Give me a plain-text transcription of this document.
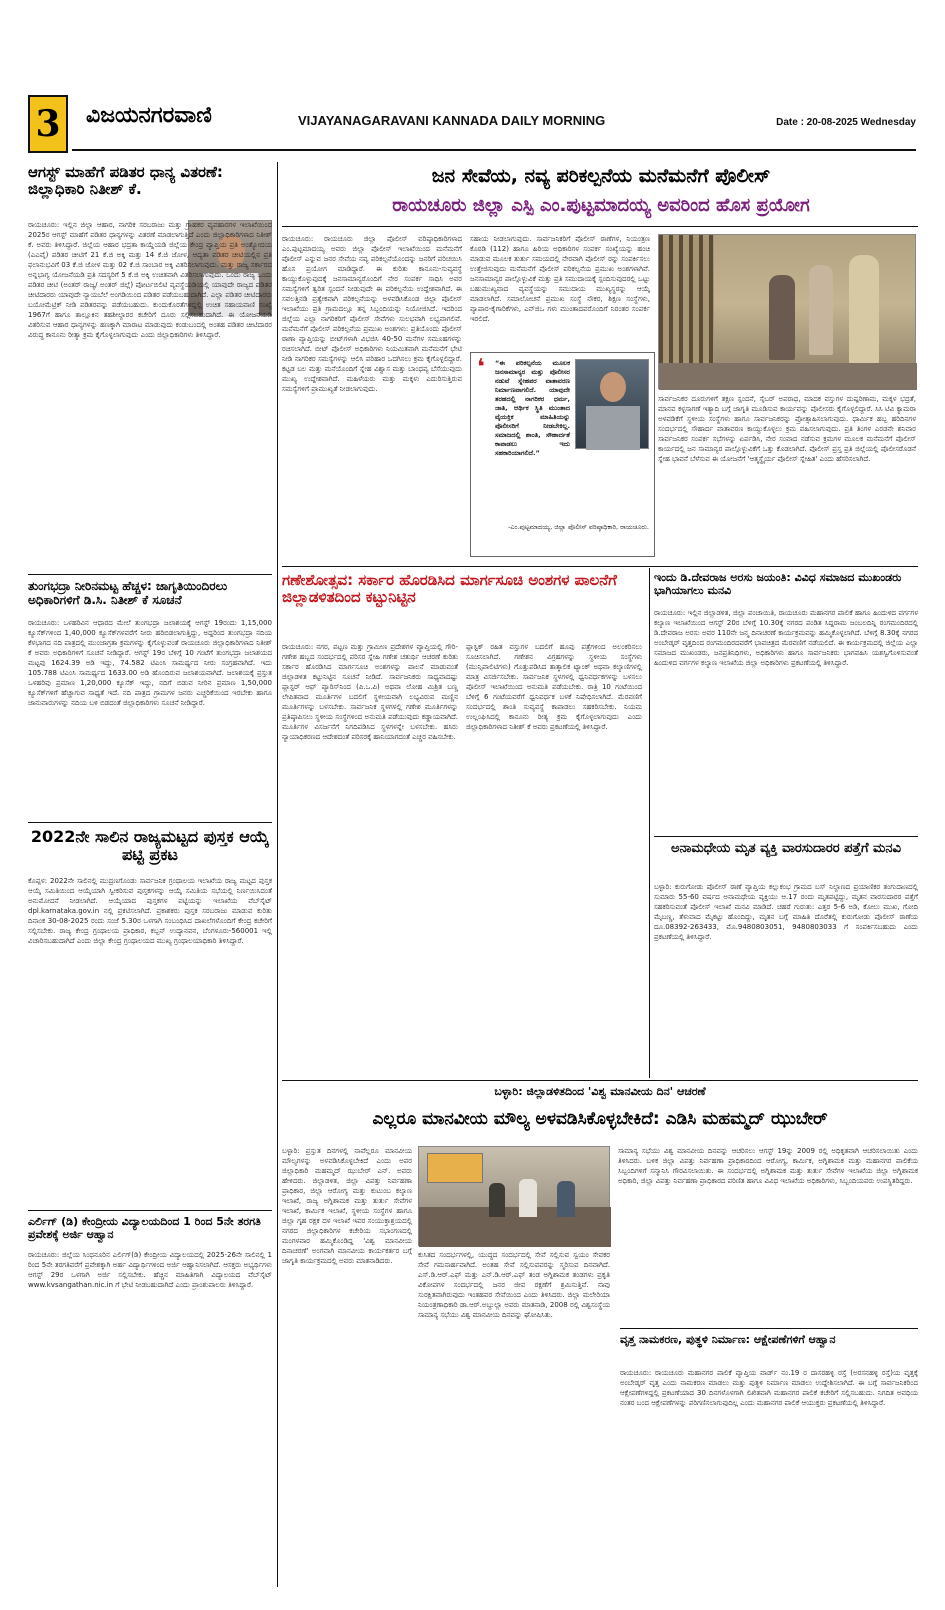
3 ವಿಜಯನಗರವಾಣಿ	VIJAYANAGARAVANI KANNADA DAILY MORNING	Date : 20-08-2025 Wednesday
ಜನ ಸೇವೆಯ, ನವ್ಯ ಪರಿಕಲ್ಪನೆಯ ಮನೆಮನೆಗೆ ಪೊಲೀಸ್
ರಾಯಚೂರು ಜಿಲ್ಲಾ ಎಸ್ಪಿ ಎಂ.ಪುಟ್ಟಮಾದಯ್ಯ ಅವರಿಂದ ಹೊಸ ಪ್ರಯೋಗ
ರಾಯಚೂರು: ರಾಯಚೂರು ಜಿಲ್ಲಾ ಪೊಲೀಸ್ ವರಿಷ್ಠಾಧಿಕಾರಿಗಳಾದ ಎಂ.ಪುಟ್ಟಮಾದಯ್ಯ ಅವರು ಜಿಲ್ಲಾ ಪೊಲೀಸ್ ಇಲಾಖೆಯಿಂದ ಮನೆಮನೆಗೆ ಪೊಲೀಸ್ ಎನ್ನುವ ಜನರ ಸೇವೆಯ ನವ್ಯ ಪರಿಕಲ್ಪನೆಯೊಂದನ್ನು ಜನರಿಗೆ ಪರಿಚಯಿಸಿ ಹೊಸ ಪ್ರಯೋಗ ಮಾಡಿದ್ದಾರೆ. ಈ ಕುರಿತು ಕಾನೂನು-ಸುವ್ಯವಸ್ಥೆ ಕಾಯ್ದುಕೊಳ್ಳುವುದಕ್ಕೆ ಜನಸಾಮಾನ್ಯರೊಂದಿಗೆ ನೇರ ಸಂಪರ್ಕ ಸಾಧಿಸಿ ಅವರ ಸಮಸ್ಯೆಗಳಿಗೆ ತ್ವರಿತ ಸ್ಪಂದನೆ ನೀಡುವುದೇ ಈ ಪರಿಕಲ್ಪನೆಯ ಉದ್ದೇಶವಾಗಿದೆ. ಈ ಸವಲತ್ತಿನಡಿ ಪ್ರತ್ಯೇಕವಾಗಿ ಪರಿಕಲ್ಪನೆಯನ್ನು ಅಳವಡಿಸಿಕೊಂಡ ಜಿಲ್ಲಾ ಪೊಲೀಸ್ ಇಲಾಖೆಯು ಪ್ರತಿ ಗ್ರಾಮದಲ್ಲೂ ತನ್ನ ಸಿಬ್ಬಂದಿಯನ್ನು ನಿಯೋಜಿಸಿದೆ. ಇದರಿಂದ ಜಿಲ್ಲೆಯ ಎಲ್ಲಾ ನಾಗರಿಕರಿಗೆ ಪೊಲೀಸ್ ಸೇವೆಗಳು ಸುಲಭವಾಗಿ ಲಭ್ಯವಾಗಲಿವೆ. ಮನೆಮನೆಗೆ ಪೊಲೀಸ್ ಪರಿಕಲ್ಪನೆಯ ಪ್ರಮುಖ ಅಂಶಗಳು: ಪ್ರತಿಯೊಂದು ಪೊಲೀಸ್ ಠಾಣಾ ವ್ಯಾಪ್ತಿಯನ್ನು ಬೀಟ್‌ಗಳಾಗಿ ವಿಭಜಿಸಿ 40-50 ಮನೆಗಳ ಸಮೂಹಗಳನ್ನು ರಚಿಸಲಾಗಿದೆ. ಬೀಟ್ ಪೊಲೀಸ್ ಅಧಿಕಾರಿಗಳು ನಿಯಮಿತವಾಗಿ ಮನೆಮನೆಗೆ ಭೇಟಿ ನೀಡಿ ನಾಗರಿಕರ ಸಮಸ್ಯೆಗಳನ್ನು ಆಲಿಸಿ ಪರಿಹಾರ ಒದಗಿಸಲು ಕ್ರಮ ಕೈಗೊಳ್ಳಲಿದ್ದಾರೆ. ಕಟ್ಟಡ ಬಲ ಮತ್ತು ಮನೆಯೊಂದಿಗೆ ಸ್ನೇಹ ವಿಶ್ವಾಸ ಮತ್ತು ಬಾಂಧವ್ಯ ಬೆಸೆಯುವುದು ಮುಖ್ಯ ಉದ್ದೇಶವಾಗಿದೆ. ಮಹಿಳೆಯರು ಮತ್ತು ಮಕ್ಕಳು ಎದುರಿಸುತ್ತಿರುವ ಸಮಸ್ಯೆಗಳಿಗೆ ಪ್ರಾಮುಖ್ಯತೆ ನೀಡಲಾಗುವುದು.
ಸಹಾಯ ನೀಡಲಾಗುವುದು. ಸಾರ್ವಜನಿಕರಿಗೆ ಪೊಲೀಸ್ ಠಾಣೆಗಳ, ನಿಯಂತ್ರಣ ಕೊಠಡಿ (112) ಹಾಗೂ ಹಿರಿಯ ಅಧಿಕಾರಿಗಳ ಸಂಪರ್ಕ ಸಂಖ್ಯೆಯನ್ನು ಹಂಚಿ ಮಾಡುವ ಮೂಲಕ ತುರ್ತು ಸಮಯದಲ್ಲಿ ನೇರವಾಗಿ ಪೊಲೀಸ್ ರನ್ನು ಸಂಪರ್ಕಿಸಲು ಉತ್ತೇಜಿಸುವುದು ಮನೆಮನೆಗೆ ಪೊಲೀಸ್ ಪರಿಕಲ್ಪನೆಯ ಪ್ರಮುಖ ಅಂಶಗಳಾಗಿವೆ. ಜನಸಾಮಾನ್ಯರ ಪಾಲ್ಗೊಳ್ಳುವಿಕೆ ಮತ್ತು ಪ್ರತಿ ಸಮುದಾಯಕ್ಕೆ ಸ್ಪಂದಿಸುವುದರಲ್ಲಿ ಒಟ್ಟು ಬಹುಮುಖ್ಯವಾದ ವ್ಯವಸ್ಥೆಯನ್ನು ಸಮುದಾಯ ಮುಖ್ಯಸ್ಥರನ್ನು ಆಯ್ಕೆ ಮಾಡಲಾಗಿದೆ. ಸಮಾಲೋಚನೆ ಪ್ರಮುಖ ಸಂಸ್ಥೆ ನೌಕರ, ಶಿಕ್ಷಣ ಸಂಸ್ಥೆಗಳು, ವ್ಯಾಪಾರ-ಕೈಗಾರಿಕೆಗಳು, ಎನ್‌ಜಿಒ ಗಳು ಮುಂತಾದವರೊಂದಿಗೆ ನಿರಂತರ ಸಂಪರ್ಕ ಇರಲಿದೆ.
❛ “ಈ ಪರಿಕಲ್ಪನೆಯ ಮೂಲಕ ಜನಸಾಮಾನ್ಯರ ಮತ್ತು ಪೊಲೀಸರ ನಡುವೆ ಸ್ನೇಹಪರ ವಾತಾವರಣ ನಿರ್ಮಾಣವಾಗಲಿದೆ. ಯಾವುದೇ ತರಹದಲ್ಲಿ ನಾಗರಿಕರ ಧರ್ಮ, ಜಾತಿ, ಆರ್ಥಿಕ ಸ್ಥಿತಿ ಮುಂತಾದ ವೈಯಕ್ತಿಕ ಮಾಹಿತಿಯನ್ನು ಪೊಲೀಸರಿಗೆ ನೀಡಬೇಕಿಲ್ಲ. ಸಮಾಜದಲ್ಲಿ ಶಾಂತಿ, ಸೌಹಾರ್ದತೆ ಕಾಪಾಡಲು ಇದು ಸಹಕಾರಿಯಾಗಲಿದೆ.”
-ಎಂ.ಪುಟ್ಟಮಾದಯ್ಯ, ಜಿಲ್ಲಾ ಪೊಲೀಸ್ ವರಿಷ್ಠಾಧಿಕಾರಿ, ರಾಯಚೂರು.
ಸಾರ್ವಜನಿಕರ ದೂರುಗಳಿಗೆ ತಕ್ಷಣ ಸ್ಪಂದನೆ, ಸೈಬರ್ ಅಪರಾಧ, ಮಾದಕ ವಸ್ತುಗಳ ದುಷ್ಪರಿಣಾಮ, ಮಕ್ಕಳ ಭದ್ರತೆ, ಮಾನವ ಕಳ್ಳಸಾಗಣೆ ಇತ್ಯಾದಿ ಬಗ್ಗೆ ಜಾಗೃತಿ ಮೂಡಿಸುವ ಕಾರ್ಯವನ್ನು ಪೊಲೀಸರು ಕೈಗೊಳ್ಳಲಿದ್ದಾರೆ. ಸಿಸಿ ಟಿವಿ ಕ್ಯಾಮರಾ ಅಳವಡಿಕೆಗೆ ಸ್ಥಳೀಯ ಸಂಸ್ಥೆಗಳು ಹಾಗೂ ಸಾರ್ವಜನಿಕರನ್ನು ಪ್ರೋತ್ಸಾಹಿಸಲಾಗುವುದು. ಧಾರ್ಮಿಕ ಹಬ್ಬ ಹರಿದಿನಗಳ ಸಂದರ್ಭದಲ್ಲಿ ಸೌಹಾರ್ದ ವಾತಾವರಣ ಕಾಯ್ದುಕೊಳ್ಳಲು ಕ್ರಮ ವಹಿಸಲಾಗುವುದು. ಪ್ರತಿ ತಿಂಗಳ ಎರಡನೇ ಶನಿವಾರ ಸಾರ್ವಜನಿಕರ ಸಂಪರ್ಕ ಸಭೆಗಳನ್ನು ಏರ್ಪಡಿಸಿ, ನೇರ ಸಂವಾದ ನಡೆಸುವ ಕ್ರಮಗಳ ಮೂಲಕ ಮನೆಮನೆಗೆ ಪೊಲೀಸ್ ಕಾರ್ಯದಲ್ಲಿ ಜನ ಸಾಮಾನ್ಯರ ಪಾಲ್ಗೊಳ್ಳುವಿಕೆಗೆ ಒತ್ತು ಕೊಡಲಾಗಿದೆ. ಪೊಲೀಸ್ ಪ್ರಸ್ತ ಪ್ರತಿ ಜಿಲ್ಲೆಯಲ್ಲಿ ಪೊಲೀಸರೊಡನೆ ಸ್ನೇಹ ಭಾವನೆ ಬೆಳೆಸುವ ಈ ಯೋಜನೆಗೆ 'ಆತ್ಮಸ್ಥೈರ್ಯ ಪೊಲೀಸ್ ಸ್ನೇಹಿತ' ಎಂದು ಹೆಸರಿಸಲಾಗಿದೆ.
ಆಗಸ್ಟ್ ಮಾಹೆಗೆ ಪಡಿತರ ಧಾನ್ಯ ವಿತರಣೆ: ಜಿಲ್ಲಾಧಿಕಾರಿ ನಿತೀಶ್ ಕೆ.
ರಾಯಚೂರು: ಇಲ್ಲಿನ ಜಿಲ್ಲಾ ಆಹಾರ, ನಾಗರಿಕ ಸರಬರಾಜು ಮತ್ತು ಗ್ರಾಹಕರ ವ್ಯವಹಾರಗಳ ಇಲಾಖೆಯಿಂದ 2025ರ ಆಗಸ್ಟ್ ಮಾಹೆಗೆ ಪಡಿತರ ಧಾನ್ಯಗಳನ್ನು ವಿತರಣೆ ಮಾಡಲಾಗುತ್ತಿದೆ ಎಂದು ಜಿಲ್ಲಾಧಿಕಾರಿಗಳಾದ ನಿತೀಶ್ ಕೆ. ಅವರು ತಿಳಿಸಿದ್ದಾರೆ. ಜಿಲ್ಲೆಯ ಆಹಾರ ಭದ್ರತಾ ಕಾಯ್ದೆಯಡಿ ಜಿಲ್ಲೆಯ ಕೇಂದ್ರ ವ್ಯಾಪ್ತಿಯ ಪ್ರತಿ ಅಂತ್ಯೋದಯ (ಎಎವೈ) ಪಡಿತರ ಚೀಟಿಗೆ 21 ಕೆ.ಜಿ ಅಕ್ಕಿ ಮತ್ತು 14 ಕೆ.ಜಿ ಜೋಳ, ಆದ್ಯತಾ ಪಡಿತರ ಚೀಟಿಯಲ್ಲಿನ ಪ್ರತಿ ಫಲಾನುಭವಿಗೆ 03 ಕೆ.ಜಿ ಜೋಳ ಮತ್ತು 02 ಕೆ.ಜಿ ಸಾಂಬಾರ ಅಕ್ಕಿ ವಿತರಿಸಲಾಗುವುದು. ಮತ್ತು ರಾಜ್ಯ ಸರ್ಕಾರದ ಅನ್ನಭಾಗ್ಯ ಯೋಜನೆಯಡಿ ಪ್ರತಿ ಸದಸ್ಯರಿಗೆ 5 ಕೆ.ಜಿ ಅಕ್ಕಿ ಉಚಿತವಾಗಿ ವಿತರಿಸಲಾಗುವುದು. ಒಂದು ರಾಜ್ಯ ಒಂದು ಪಡಿತರ ಚೀಟಿ (ಅಂತರ್ ರಾಜ್ಯ/ ಅಂತರ್ ಜಿಲ್ಲೆ) ಪೋರ್ಟಬಿಲಿಟಿ ವ್ಯವಸ್ಥೆಯಡಿಯಲ್ಲಿ ಯಾವುದೇ ರಾಜ್ಯದ ಪಡಿತರ ಚೀಟಿದಾರರು ಯಾವುದೇ ನ್ಯಾಯಬೆಲೆ ಅಂಗಡಿಯಿಂದ ಪಡಿತರ ಪಡೆಯಬಹುದಾಗಿದೆ. ಎಲ್ಲಾ ಪಡಿತರ ಚೀಟಿದಾರರು ಬಯೋಮೆಟ್ರಿಕ್ ನೀಡಿ ಪಡಿತರವನ್ನು ಪಡೆಯಬಹುದು. ಕುಂದುಕೊರತೆಗಳಿದ್ದಲ್ಲಿ ಉಚಿತ ಸಹಾಯವಾಣಿ ಸಂಖ್ಯೆ 1967ಗೆ ಹಾಗೂ ತಾಲ್ಲೂಕಿನ ತಹಶೀಲ್ದಾರರ ಕಚೇರಿಗೆ ದೂರು ಸಲ್ಲಿಸಬಹುದಾಗಿದೆ. ಈ ಯೋಜನೆಯಡಿ ವಿತರಿಸುವ ಆಹಾರ ಧಾನ್ಯಗಳನ್ನು ಹಣಕ್ಕಾಗಿ ಮಾರಾಟ ಮಾಡುವುದು ಕಂಡುಬಂದಲ್ಲಿ ಅಂತಹ ಪಡಿತರ ಚೀಟಿದಾರರ ವಿರುದ್ಧ ಕಾನೂನು ರೀತ್ಯಾ ಕ್ರಮ ಕೈಗೊಳ್ಳಲಾಗುವುದು ಎಂದು ಜಿಲ್ಲಾಧಿಕಾರಿಗಳು ತಿಳಿಸಿದ್ದಾರೆ.
ತುಂಗಭದ್ರಾ ನೀರಿನಮಟ್ಟ ಹೆಚ್ಚಳ: ಜಾಗೃತಿಯಿಂದಿರಲು ಅಧಿಕಾರಿಗಳಿಗೆ ಡಿ.ಸಿ. ನಿತೀಶ್ ಕೆ ಸೂಚನೆ
ರಾಯಚೂರು: ಒಳಹರಿವಿನ ಆಧಾರದ ಮೇಲೆ ತುಂಗಭದ್ರಾ ಜಲಾಶಯಕ್ಕೆ ಆಗಸ್ಟ್ 19ರಂದು 1,15,000 ಕ್ಯೂಸೆಕ್‌ಗಳಿಂದ 1,40,000 ಕ್ಯೂಸೆಕ್‌ಗಳವರೆಗೆ ನೀರು ಹರಿಬಿಡಲಾಗುತ್ತಿದ್ದು, ಅದ್ದರಿಂದ ತುಂಗಭದ್ರಾ ನದಿಯ ಕೆಳಭಾಗದ ನದಿ ಪಾತ್ರದಲ್ಲಿ ಮುಂಜಾಗ್ರತಾ ಕ್ರಮಗಳನ್ನು ಕೈಗೊಳ್ಳುವಂತೆ ರಾಯಚೂರು ಜಿಲ್ಲಾಧಿಕಾರಿಗಳಾದ ನಿತೀಶ್ ಕೆ ಅವರು ಅಧಿಕಾರಿಗಳಿಗೆ ಸೂಚನೆ ನೀಡಿದ್ದಾರೆ. ಆಗಸ್ಟ್ 19ರ ಬೆಳಿಗ್ಗೆ 10 ಗಂಟೆಗೆ ತುಂಗಭದ್ರಾ ಜಲಾಶಯದ ಮಟ್ಟವು 1624.39 ಅಡಿ ಇದ್ದು, 74.582 ಟಿಎಂಸಿ ಸಾಮರ್ಥ್ಯದ ನೀರು ಸಂಗ್ರಹವಾಗಿದೆ. ಇದು 105.788 ಟಿಎಂಸಿ ಸಾಮರ್ಥ್ಯದ 1633.00 ಅಡಿ ಹೊಂದಿರುವ ಜಲಾಶಯವಾಗಿದೆ. ಜಲಾಶಯಕ್ಕೆ ಪ್ರಸ್ತುತ ಒಳಹರಿವು ಪ್ರಮಾಣ 1,20,000 ಕ್ಯೂಸೆಕ್ ಇದ್ದು, ನದಿಗೆ ಬಿಡುವ ನೀರಿನ ಪ್ರಮಾಣ 1,50,000 ಕ್ಯೂಸೆಕ್‌ಗಳಿಗೆ ಹೆಚ್ಚಾಗುವ ಸಾಧ್ಯತೆ ಇದೆ. ನದಿ ಪಾತ್ರದ ಗ್ರಾಮಗಳ ಜನರು ಎಚ್ಚರಿಕೆಯಿಂದ ಇರಬೇಕು ಹಾಗೂ ಜಾನುವಾರುಗಳನ್ನು ನದಿಯ ಬಳಿ ಬಿಡದಂತೆ ಜಿಲ್ಲಾಧಿಕಾರಿಗಳು ಸೂಚನೆ ನೀಡಿದ್ದಾರೆ.
2022ನೇ ಸಾಲಿನ ರಾಜ್ಯಮಟ್ಟದ ಪುಸ್ತಕ ಆಯ್ಕೆ ಪಟ್ಟಿ ಪ್ರಕಟ
ಕೊಪ್ಪಳ: 2022ನೇ ಸಾಲಿನಲ್ಲಿ ಮುದ್ರಣಗೊಂಡು ಸಾರ್ವಜನಿಕ ಗ್ರಂಥಾಲಯ ಇಲಾಖೆಯ ರಾಜ್ಯ ಮಟ್ಟದ ಪುಸ್ತಕ ಆಯ್ಕೆ ಸಮಿತಿಯಿಂದ ಆಯ್ಕೆಯಾಗಿ ಸ್ವೀಕರಿಸುವ ಪುಸ್ತಕಗಳನ್ನು ಆಯ್ಕೆ ಸಮಿತಿಯ ಸಭೆಯಲ್ಲಿ ನಿರ್ಣಯಿಸಿದಂತೆ ಅನುಮೋದನೆ ನೀಡಲಾಗಿದೆ. ಆಯ್ಕೆಯಾದ ಪುಸ್ತಕಗಳ ಪಟ್ಟಿಯನ್ನು ಇಲಾಖೆಯ ವೆಬ್‌ಸೈಟ್ dpl.karnataka.gov.in ನಲ್ಲಿ ಪ್ರಕಟಿಸಲಾಗಿದೆ. ಪ್ರಕಾಶಕರು ಪುಸ್ತಕ ಸರಬರಾಜು ಮಾಡುವ ಕುರಿತು ದಿನಾಂಕ 30-08-2025 ರಂದು ಸಂಜೆ 5.30ರ ಒಳಗಾಗಿ ಸಂಬಂಧಿಸಿದ ದಾಖಲೆಗಳೊಂದಿಗೆ ಕೇಂದ್ರ ಕಚೇರಿಗೆ ಸಲ್ಲಿಸಬೇಕು. ರಾಜ್ಯ ಕೇಂದ್ರ ಗ್ರಂಥಾಲಯ ಪ್ರಾಧಿಕಾರ, ಕಬ್ಬನ್ ಉದ್ಯಾನವನ, ಬೆಂಗಳೂರು-560001 ಇಲ್ಲಿ ವಿಚಾರಿಸಬಹುದಾಗಿದೆ ಎಂದು ಜಿಲ್ಲಾ ಕೇಂದ್ರ ಗ್ರಂಥಾಲಯದ ಮುಖ್ಯ ಗ್ರಂಥಾಲಯಾಧಿಕಾರಿ ತಿಳಿಸಿದ್ದಾರೆ.
ಎರ್ಲಿಗ್ (ಡಿ) ಕೇಂದ್ರೀಯ ವಿದ್ಯಾಲಯದಿಂದ 1 ರಿಂದ 5ನೇ ತರಗತಿ ಪ್ರವೇಶಕ್ಕೆ ಅರ್ಜಿ ಆಹ್ವಾನ
ರಾಯಚೂರು: ಜಿಲ್ಲೆಯ ಸಿಂಧನೂರಿನ ಎರ್ಲಿಗ್(ಡಿ) ಕೇಂದ್ರೀಯ ವಿದ್ಯಾಲಯದಲ್ಲಿ 2025-26ನೇ ಸಾಲಿನಲ್ಲಿ 1 ರಿಂದ 5ನೇ ತರಗತಿವರೆಗೆ ಪ್ರವೇಶಕ್ಕಾಗಿ ಅರ್ಹ ವಿದ್ಯಾರ್ಥಿಗಳಿಂದ ಅರ್ಜಿ ಆಹ್ವಾನಿಸಲಾಗಿದೆ. ಆಸಕ್ತರು ಅಭ್ಯರ್ಥಿಗಳು ಆಗಸ್ಟ್ 29ರ ಒಳಗಾಗಿ ಅರ್ಜಿ ಸಲ್ಲಿಸಬೇಕು. ಹೆಚ್ಚಿನ ಮಾಹಿತಿಗಾಗಿ ವಿದ್ಯಾಲಯದ ವೆಬ್‌ಸೈಟ್ www.kvsangathan.nic.in ಗೆ ಭೇಟಿ ನೀಡಬಹುದಾಗಿದೆ ಎಂದು ಪ್ರಾಂಶುಪಾಲರು ತಿಳಿಸಿದ್ದಾರೆ.
ಗಣೇಶೋತ್ಸವ: ಸರ್ಕಾರ ಹೊರಡಿಸಿದ ಮಾರ್ಗಸೂಚಿ ಅಂಶಗಳ ಪಾಲನೆಗೆ ಜಿಲ್ಲಾಡಳಿತದಿಂದ ಕಟ್ಟುನಿಟ್ಟಿನ
ರಾಯಚೂರು: ನಗರ, ಪಟ್ಟಣ ಮತ್ತು ಗ್ರಾಮೀಣ ಪ್ರದೇಶಗಳ ವ್ಯಾಪ್ತಿಯಲ್ಲಿ ಗೌರಿ-ಗಣೇಶ ಹಬ್ಬದ ಸಂದರ್ಭದಲ್ಲಿ ಪರಿಸರ ಸ್ನೇಹಿ ಗಣೇಶ ಚತುರ್ಥಿ ಆಚರಣೆ ಕುರಿತು ಸರ್ಕಾರ ಹೊರಡಿಸಿದ ಮಾರ್ಗಸೂಚಿ ಅಂಶಗಳನ್ನು ಪಾಲನೆ ಮಾಡುವಂತೆ ಜಿಲ್ಲಾಡಳಿತ ಕಟ್ಟುನಿಟ್ಟಿನ ಸೂಚನೆ ನೀಡಿದೆ. ಸಾರ್ವಜನಿಕರು ಸಾಧ್ಯವಾದಷ್ಟು ಪ್ಲಾಸ್ಟರ್ ಆಫ್ ಪ್ಯಾರಿಸ್‌ನಿಂದ (ಪಿ.ಒ.ಪಿ) ಅಥವಾ ಲೋಹ ಮಿಶ್ರಿತ ಬಣ್ಣ ಲೇಪಿತವಾದ ಮೂರ್ತಿಗಳ ಬದಲಿಗೆ ಸ್ಥಳೀಯವಾಗಿ ಲಭ್ಯವಿರುವ ಮಣ್ಣಿನ ಮೂರ್ತಿಗಳನ್ನು ಬಳಸಬೇಕು. ಸಾರ್ವಜನಿಕ ಸ್ಥಳಗಳಲ್ಲಿ ಗಣೇಶ ಮೂರ್ತಿಗಳನ್ನು ಪ್ರತಿಷ್ಠಾಪಿಸಲು ಸ್ಥಳೀಯ ಸಂಸ್ಥೆಗಳಿಂದ ಅನುಮತಿ ಪಡೆಯುವುದು ಕಡ್ಡಾಯವಾಗಿದೆ. ಮೂರ್ತಿಗಳ ವಿಸರ್ಜನೆಗೆ ನಿಗದಿಪಡಿಸಿದ ಸ್ಥಳಗಳನ್ನೇ ಬಳಸಬೇಕು. ಹಸಿರು ನ್ಯಾಯಾಧಿಕರಣದ ಆದೇಶದಂತೆ ಪರಿಸರಕ್ಕೆ ಹಾನಿಯಾಗದಂತೆ ಎಚ್ಚರ ವಹಿಸಬೇಕು.
ಪ್ಲಾಸ್ಟಿಕ್ ರಹಿತ ವಸ್ತುಗಳ ಬದಲಿಗೆ ಹೂವು ಪತ್ರೆಗಳಿಂದ ಅಲಂಕರಿಸಲು ಸೂಚಿಸಲಾಗಿದೆ. ಗಣೇಶನ ವಿಗ್ರಹಗಳನ್ನು ಸ್ಥಳೀಯ ಸಂಸ್ಥೆಗಳು (ಮುನ್ಸಿಪಾಲಿಟಿಗಳು) ಗೊತ್ತುಪಡಿಸಿದ ತಾತ್ಕಾಲಿಕ ಟ್ಯಾಂಕ್ ಅಥವಾ ಕಲ್ಯಾಣಿಗಳಲ್ಲಿ ಮಾತ್ರ ವಿಸರ್ಜಿಸಬೇಕು. ಸಾರ್ವಜನಿಕ ಸ್ಥಳಗಳಲ್ಲಿ ಧ್ವನಿವರ್ಧಕಗಳನ್ನು ಬಳಸಲು ಪೊಲೀಸ್ ಇಲಾಖೆಯಿಂದ ಅನುಮತಿ ಪಡೆಯಬೇಕು. ರಾತ್ರಿ 10 ಗಂಟೆಯಿಂದ ಬೆಳಿಗ್ಗೆ 6 ಗಂಟೆಯವರೆಗೆ ಧ್ವನಿವರ್ಧಕ ಬಳಕೆ ನಿಷೇಧಿಸಲಾಗಿದೆ. ಮೆರವಣಿಗೆ ಸಂದರ್ಭದಲ್ಲಿ ಶಾಂತಿ ಸುವ್ಯವಸ್ಥೆ ಕಾಪಾಡಲು ಸಹಕರಿಸಬೇಕು. ನಿಯಮ ಉಲ್ಲಂಘಿಸಿದಲ್ಲಿ ಕಾನೂನು ರೀತ್ಯ ಕ್ರಮ ಕೈಗೊಳ್ಳಲಾಗುವುದು ಎಂದು ಜಿಲ್ಲಾಧಿಕಾರಿಗಳಾದ ನಿತೀಶ್ ಕೆ ಅವರು ಪ್ರಕಟಣೆಯಲ್ಲಿ ತಿಳಿಸಿದ್ದಾರೆ.
ಇಂದು ಡಿ.ದೇವರಾಜ ಅರಸು ಜಯಂತಿ: ವಿವಿಧ ಸಮಾಜದ ಮುಖಂಡರು ಭಾಗಿಯಾಗಲು ಮನವಿ
ರಾಯಚೂರು: ಇಲ್ಲಿನ ಜಿಲ್ಲಾಡಳಿತ, ಜಿಲ್ಲಾ ಪಂಚಾಯಿತಿ, ರಾಯಚೂರು ಮಹಾನಗರ ಪಾಲಿಕೆ ಹಾಗೂ ಹಿಂದುಳಿದ ವರ್ಗಗಳ ಕಲ್ಯಾಣ ಇಲಾಖೆಯಿಂದ ಆಗಸ್ಟ್ 20ರ ಬೆಳಿಗ್ಗೆ 10.30ಕ್ಕೆ ನಗರದ ಪಂಡಿತ ಸಿದ್ದರಾಮ ಜಂಬಲದಿನ್ನಿ ರಂಗಮಂದಿರದಲ್ಲಿ ಡಿ.ದೇವರಾಜ ಅರಸು ಅವರ 110ನೇ ಜನ್ಮ ದಿನಾಚರಣೆ ಕಾರ್ಯಕ್ರಮವನ್ನು ಹಮ್ಮಿಕೊಳ್ಳಲಾಗಿದೆ. ಬೆಳಿಗ್ಗೆ 8.30ಕ್ಕೆ ನಗರದ ಅಂಬೇಡ್ಕರ್ ವೃತ್ತದಿಂದ ರಂಗಮಂದಿರದವರೆಗೆ ಭಾವಚಿತ್ರದ ಮೆರವಣಿಗೆ ನಡೆಯಲಿದೆ. ಈ ಕಾರ್ಯಕ್ರಮದಲ್ಲಿ ಜಿಲ್ಲೆಯ ಎಲ್ಲಾ ಸಮಾಜದ ಮುಖಂಡರು, ಜನಪ್ರತಿನಿಧಿಗಳು, ಅಧಿಕಾರಿಗಳು ಹಾಗೂ ಸಾರ್ವಜನಿಕರು ಭಾಗವಹಿಸಿ ಯಶಸ್ವಿಗೊಳಿಸುವಂತೆ ಹಿಂದುಳಿದ ವರ್ಗಗಳ ಕಲ್ಯಾಣ ಇಲಾಖೆಯ ಜಿಲ್ಲಾ ಅಧಿಕಾರಿಗಳು ಪ್ರಕಟಣೆಯಲ್ಲಿ ತಿಳಿಸಿದ್ದಾರೆ.
ಅನಾಮಧೇಯ ಮೃತ ವ್ಯಕ್ತಿ ವಾರಸುದಾರರ ಪತ್ತೆಗೆ ಮನವಿ
ಬಳ್ಳಾರಿ: ಕುರುಗೋಡು ಪೊಲೀಸ್ ಠಾಣೆ ವ್ಯಾಪ್ತಿಯ ಕಲ್ಲುಕಂಭ ಗ್ರಾಮದ ಬಸ್ ನಿಲ್ದಾಣದ ಪ್ರಯಾಣಿಕರ ತಂಗುದಾಣದಲ್ಲಿ ಸುಮಾರು 55-60 ವರ್ಷದ ಅನಾಮಧೇಯ ವ್ಯಕ್ತಿಯು ಆ.17 ರಂದು ಮೃತಪಟ್ಟಿದ್ದು, ಮೃತನ ವಾರಸುದಾರರ ಪತ್ತೆಗೆ ಸಹಕರಿಸುವಂತೆ ಪೊಲೀಸ್ ಇಲಾಖೆ ಮನವಿ ಮಾಡಿದೆ. ಚಹರೆ ಗುರುತು: ಎತ್ತರ 5-6 ಅಡಿ, ಕೋಲು ಮುಖ, ಗೋದಿ ಮೈಬಣ್ಣ, ತೆಳುವಾದ ಮೈಕಟ್ಟು ಹೊಂದಿದ್ದು, ಮೃತನ ಬಗ್ಗೆ ಮಾಹಿತಿ ದೊರೆತಲ್ಲಿ ಕುರುಗೋಡು ಪೊಲೀಸ್ ಠಾಣೆಯ ದೂ.08392-263433, ಮೊ.9480803051, 9480803033 ಗೆ ಸಂಪರ್ಕಿಸಬಹುದು ಎಂದು ಪ್ರಕಟಣೆಯಲ್ಲಿ ತಿಳಿಸಿದ್ದಾರೆ.
ಬಳ್ಳಾರಿ: ಜಿಲ್ಲಾಡಳಿತದಿಂದ 'ವಿಶ್ವ ಮಾನವೀಯ ದಿನ' ಆಚರಣೆ
ಎಲ್ಲರೂ ಮಾನವೀಯ ಮೌಲ್ಯ ಅಳವಡಿಸಿಕೊಳ್ಳಬೇಕಿದೆ: ಎಡಿಸಿ ಮಹಮ್ಮದ್ ಝುಬೇರ್
ಬಳ್ಳಾರಿ: ಪ್ರಸ್ತುತ ದಿನಗಳಲ್ಲಿ ನಾವೆಲ್ಲರೂ ಮಾನವೀಯ ಮೌಲ್ಯಗಳನ್ನು ಅಳವಡಿಸಿಕೊಳ್ಳಬೇಕಿದೆ ಎಂದು ಅಪರ ಜಿಲ್ಲಾಧಿಕಾರಿ ಮಹಮ್ಮದ್ ಝುಬೇರ್ ಎನ್. ಅವರು ಹೇಳಿದರು. ಜಿಲ್ಲಾಡಳಿತ, ಜಿಲ್ಲಾ ವಿಪತ್ತು ನಿರ್ವಹಣಾ ಪ್ರಾಧಿಕಾರ, ಜಿಲ್ಲಾ ಆರೋಗ್ಯ ಮತ್ತು ಕುಟುಂಬ ಕಲ್ಯಾಣ ಇಲಾಖೆ, ರಾಜ್ಯ ಅಗ್ನಿಶಾಮಕ ಮತ್ತು ತುರ್ತು ಸೇವೆಗಳ ಇಲಾಖೆ, ಕಾರ್ಮಿಕ ಇಲಾಖೆ, ಸ್ಥಳೀಯ ಸಂಸ್ಥೆಗಳ ಹಾಗೂ ಜಿಲ್ಲಾ ಗೃಹ ರಕ್ಷಕ ದಳ ಇಲಾಖೆ ಇವರ ಸಂಯುಕ್ತಾಶ್ರಯದಲ್ಲಿ ನಗರದ ಜಿಲ್ಲಾಧಿಕಾರಿಗಳ ಕಚೇರಿಯ ಸಭಾಂಗಣದಲ್ಲಿ ಮಂಗಳವಾರ ಹಮ್ಮಿಕೊಂಡಿದ್ದ 'ವಿಶ್ವ ಮಾನವೀಯ ದಿನಾಚರಣೆ' ಅಂಗವಾಗಿ ಮಾನವೀಯ ಕಾರ್ಯಕರ್ತರ ಬಗ್ಗೆ ಜಾಗೃತಿ ಕಾರ್ಯಕ್ರಮದಲ್ಲಿ ಅವರು ಮಾತನಾಡಿದರು.
ಕುಸಿತದ ಸಂದರ್ಭಗಳಲ್ಲಿ, ಯುದ್ಧದ ಸಂದರ್ಭದಲ್ಲಿ ಸೇವೆ ಸಲ್ಲಿಸುವ ಸ್ವಯಂ ಸೇವಕರ ಸೇವೆ ಗಮನಾರ್ಹವಾಗಿದೆ. ಅಂತಹ ಸೇವೆ ಸಲ್ಲಿಸುವವರನ್ನು ಸ್ಮರಿಸುವ ದಿನವಾಗಿದೆ. ಎಸ್.ಡಿ.ಆರ್.ಎಫ್ ಮತ್ತು ಎನ್.ಡಿ.ಆರ್.ಎಫ್ ತಂಡ ಅಗ್ನಿಶಾಮಕ ತಂಡಗಳು ಪ್ರಕೃತಿ ವಿಕೋಪಗಳ ಸಂದರ್ಭದಲ್ಲಿ ಜನರ ಜೀವ ರಕ್ಷಣೆಗೆ ಶ್ರಮಿಸುತ್ತಿವೆ. ನಾವು ಸುರಕ್ಷಿತವಾಗಿರುವುದು ಇಂತಹವರ ಸೇವೆಯಿಂದ ಎಂದು ತಿಳಿಸಿದರು. ಜಿಲ್ಲಾ ಮಲೇರಿಯಾ ನಿಯಂತ್ರಣಾಧಿಕಾರಿ ಡಾ.ಆರ್.ಅಬ್ದುಲ್ಲಾ ಅವರು ಮಾತನಾಡಿ, 2008 ರಲ್ಲಿ ವಿಶ್ವಸಂಸ್ಥೆಯ ಸಾಮಾನ್ಯ ಸಭೆಯು ವಿಶ್ವ ಮಾನವೀಯ ದಿನವನ್ನು ಘೋಷಿಸಿತು.
ಸಾಮಾನ್ಯ ಸಭೆಯು ವಿಶ್ವ ಮಾನವೀಯ ದಿನವನ್ನು ಆಚರಿಸಲು ಆಗಸ್ಟ್ 19ನ್ನು 2009 ರಲ್ಲಿ ಅಧಿಕೃತವಾಗಿ ಆಚರಿಸಲಾಯಿತು ಎಂದು ತಿಳಿಸಿದರು. ಬಳಿಕ ಜಿಲ್ಲಾ ವಿಪತ್ತು ನಿರ್ವಹಣಾ ಪ್ರಾಧಿಕಾರದಿಂದ ಆರೋಗ್ಯ, ಕಾರ್ಮಿಕ, ಅಗ್ನಿಶಾಮಕ ಮತ್ತು ಮಹಾನಗರ ಪಾಲಿಕೆಯ ಸಿಬ್ಬಂದಿಗಳಿಗೆ ಸನ್ಮಾನಿಸಿ ಗೌರವಿಸಲಾಯಿತು. ಈ ಸಂದರ್ಭದಲ್ಲಿ ಅಗ್ನಿಶಾಮಕ ಮತ್ತು ತುರ್ತು ಸೇವೆಗಳ ಇಲಾಖೆಯ ಜಿಲ್ಲಾ ಅಗ್ನಿಶಾಮಕ ಅಧಿಕಾರಿ, ಜಿಲ್ಲಾ ವಿಪತ್ತು ನಿರ್ವಹಣಾ ಪ್ರಾಧಿಕಾರದ ಪರಿಣಿತ ಹಾಗೂ ವಿವಿಧ ಇಲಾಖೆಯ ಅಧಿಕಾರಿಗಳು, ಸಿಬ್ಬಂದಿಯವರು ಉಪಸ್ಥಿತರಿದ್ದರು.
ವೃತ್ತ ನಾಮಕರಣ, ಪುತ್ಥಳಿ ನಿರ್ಮಾಣ: ಆಕ್ಷೇಪಣೆಗಳಿಗೆ ಆಹ್ವಾನ
ರಾಯಚೂರು: ರಾಯಚೂರು ಮಹಾನಗರ ಪಾಲಿಕೆ ವ್ಯಾಪ್ತಿಯ ವಾರ್ಡ್ ನಂ.19 ರ ದಾಸರಹಳ್ಳಿ ರಸ್ತೆ (ಅರಸನಹಳ್ಳಿ ರಸ್ತೆ)ಯ ವೃತ್ತಕ್ಕೆ ಅಂಬೇಡ್ಕರ್ ವೃತ್ತ ಎಂದು ನಾಮಕರಣ ಮಾಡಲು ಮತ್ತು ಪುತ್ಥಳಿ ನಿರ್ಮಾಣ ಮಾಡಲು ಉದ್ದೇಶಿಸಲಾಗಿದೆ. ಈ ಬಗ್ಗೆ ಸಾರ್ವಜನಿಕರಿಂದ ಆಕ್ಷೇಪಣೆಗಳಿದ್ದಲ್ಲಿ ಪ್ರಕಟಣೆಯಾದ 30 ದಿನಗಳೊಳಗಾಗಿ ಲಿಖಿತವಾಗಿ ಮಹಾನಗರ ಪಾಲಿಕೆ ಕಚೇರಿಗೆ ಸಲ್ಲಿಸಬಹುದು. ನಿಗದಿತ ಅವಧಿಯ ನಂತರ ಬಂದ ಆಕ್ಷೇಪಣೆಗಳನ್ನು ಪರಿಗಣಿಸಲಾಗುವುದಿಲ್ಲ ಎಂದು ಮಹಾನಗರ ಪಾಲಿಕೆ ಆಯುಕ್ತರು ಪ್ರಕಟಣೆಯಲ್ಲಿ ತಿಳಿಸಿದ್ದಾರೆ.
